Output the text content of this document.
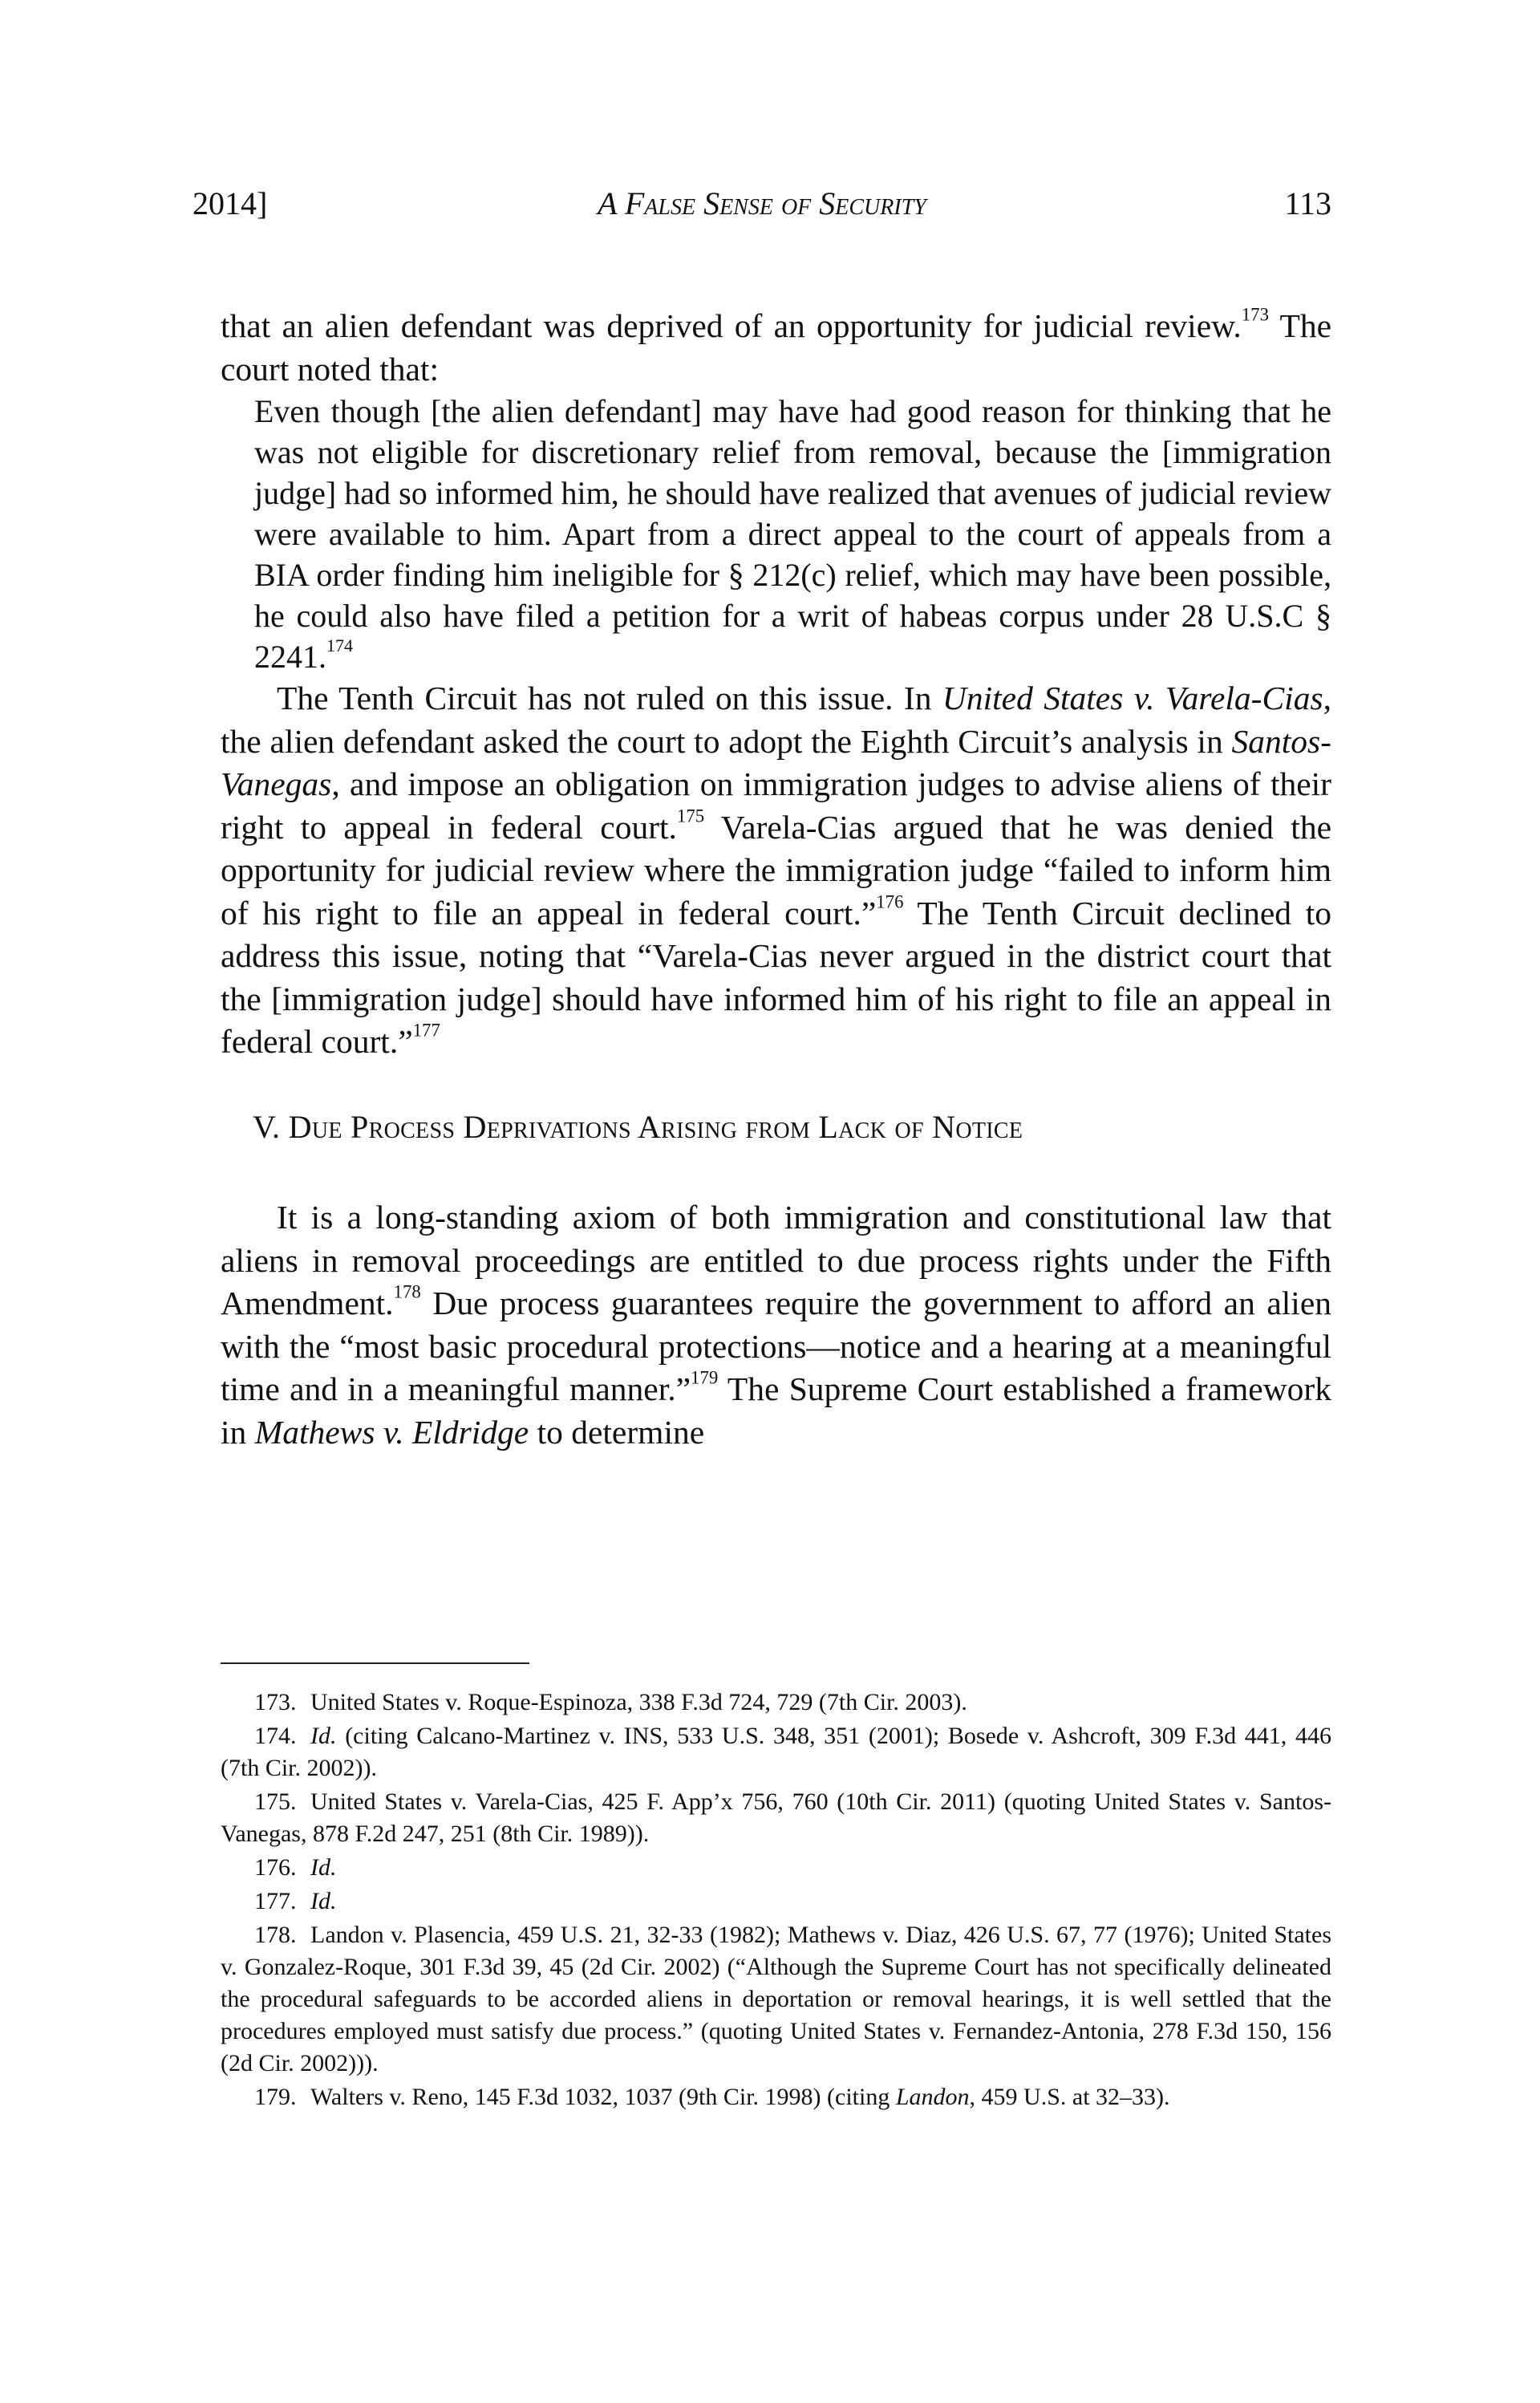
2014]	A False Sense of Security	113

that an alien defendant was deprived of an opportunity for judicial review.$^{173}$ The court noted that:

Even though [the alien defendant] may have had good reason for thinking that he was not eligible for discretionary relief from removal, because the [immigration judge] had so informed him, he should have realized that avenues of judicial review were available to him. Apart from a direct appeal to the court of appeals from a BIA order finding him ineligible for § 212(c) relief, which may have been possible, he could also have filed a petition for a writ of habeas corpus under 28 U.S.C § 2241.$^{174}$

The Tenth Circuit has not ruled on this issue. In United States v. Varela-Cias, the alien defendant asked the court to adopt the Eighth Circuit’s analysis in Santos-Vanegas, and impose an obligation on immigration judges to advise aliens of their right to appeal in federal court.$^{175}$ Varela-Cias argued that he was denied the opportunity for judicial review where the immigration judge “failed to inform him of his right to file an appeal in federal court.”$^{176}$ The Tenth Circuit declined to address this issue, noting that “Varela-Cias never argued in the district court that the [immigration judge] should have informed him of his right to file an appeal in federal court.”$^{177}$

V. Due Process Deprivations Arising from Lack of Notice

It is a long-standing axiom of both immigration and constitutional law that aliens in removal proceedings are entitled to due process rights under the Fifth Amendment.$^{178}$ Due process guarantees require the government to afford an alien with the “most basic procedural protections—notice and a hearing at a meaningful time and in a meaningful manner.”$^{179}$ The Supreme Court established a framework in Mathews v. Eldridge to determine

173. United States v. Roque-Espinoza, 338 F.3d 724, 729 (7th Cir. 2003).

174. Id. (citing Calcano-Martinez v. INS, 533 U.S. 348, 351 (2001); Bosede v. Ashcroft, 309 F.3d 441, 446 (7th Cir. 2002)).

175. United States v. Varela-Cias, 425 F. App’x 756, 760 (10th Cir. 2011) (quoting United States v. Santos-Vanegas, 878 F.2d 247, 251 (8th Cir. 1989)).

176. Id.

177. Id.

178. Landon v. Plasencia, 459 U.S. 21, 32-33 (1982); Mathews v. Diaz, 426 U.S. 67, 77 (1976); United States v. Gonzalez-Roque, 301 F.3d 39, 45 (2d Cir. 2002) (“Although the Supreme Court has not specifically delineated the procedural safeguards to be accorded aliens in deportation or removal hearings, it is well settled that the procedures employed must satisfy due process.” (quoting United States v. Fernandez-Antonia, 278 F.3d 150, 156 (2d Cir. 2002))).

179. Walters v. Reno, 145 F.3d 1032, 1037 (9th Cir. 1998) (citing Landon, 459 U.S. at 32–33).
